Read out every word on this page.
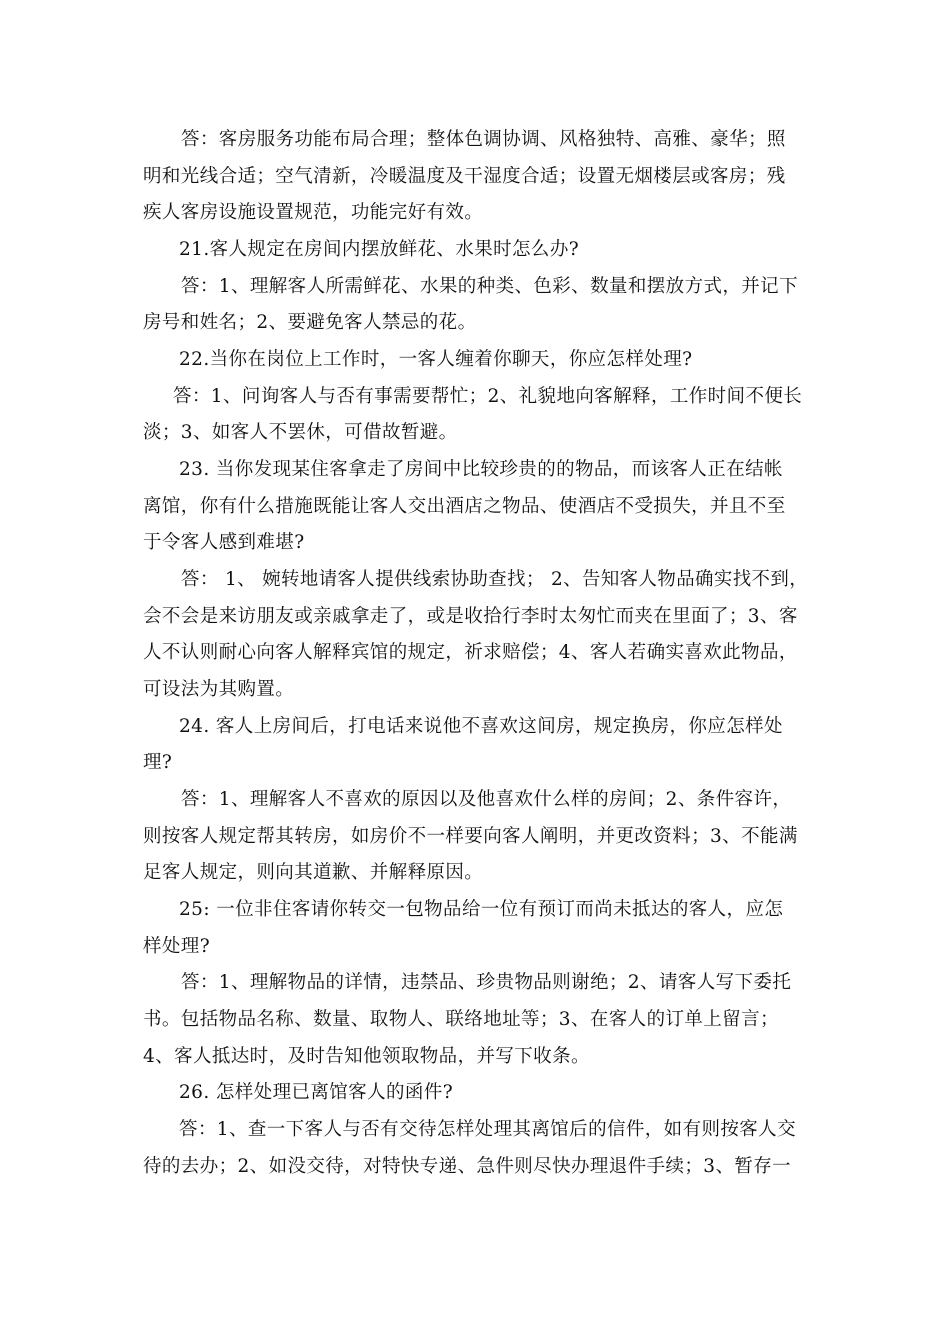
答：客房服务功能布局合理；整体色调协调、风格独特、高雅、豪华；照
明和光线合适；空气清新，冷暖温度及干湿度合适；设置无烟楼层或客房；残
疾人客房设施设置规范，功能完好有效。
21.客人规定在房间内摆放鲜花、水果时怎么办?
答：1、理解客人所需鲜花、水果的种类、色彩、数量和摆放方式，并记下
房号和姓名；2、要避免客人禁忌的花。
22.当你在岗位上工作时，一客人缠着你聊天，你应怎样处理?
答：1、问询客人与否有事需要帮忙；2、礼貌地向客解释，工作时间不便长
淡；3、如客人不罢休，可借故暂避。
23. 当你发现某住客拿走了房间中比较珍贵的的物品，而该客人正在结帐
离馆，你有什么措施既能让客人交出酒店之物品、使酒店不受损失，并且不至
于令客人感到难堪?
答： 1、 婉转地请客人提供线索协助查找； 2、告知客人物品确实找不到，
会不会是来访朋友或亲戚拿走了，或是收拾行李时太匆忙而夹在里面了；3、客
人不认则耐心向客人解释宾馆的规定，祈求赔偿；4、客人若确实喜欢此物品，
可设法为其购置。
24. 客人上房间后，打电话来说他不喜欢这间房，规定换房，你应怎样处
理?
答：1、理解客人不喜欢的原因以及他喜欢什么样的房间；2、条件容许，
则按客人规定帮其转房，如房价不一样要向客人阐明，并更改资料；3、不能满
足客人规定，则向其道歉、并解释原因。
25: 一位非住客请你转交一包物品给一位有预订而尚未抵达的客人，应怎
样处理?
答：1、理解物品的详情，违禁品、珍贵物品则谢绝；2、请客人写下委托
书。包括物品名称、数量、取物人、联络地址等；3、在客人的订单上留言；
4、客人抵达时，及时告知他领取物品，并写下收条。
26. 怎样处理已离馆客人的函件?
答：1、查一下客人与否有交待怎样处理其离馆后的信件，如有则按客人交
待的去办；2、如没交待，对特快专递、急件则尽快办理退件手续；3、暂存一
